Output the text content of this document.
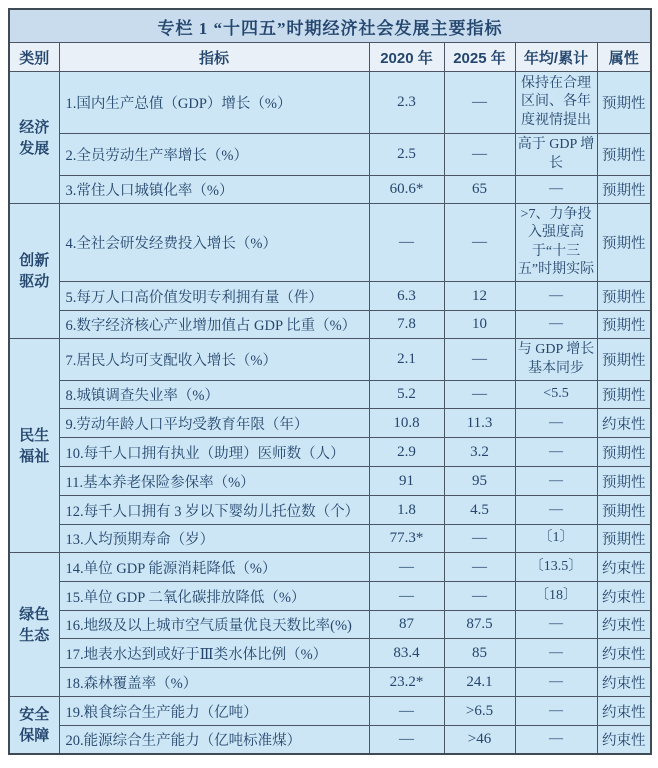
专栏 1 “十四五”时期经济社会发展主要指标					
类别	指标	2020 年	2025 年	年均/累计	属性
经济发展	1.国内生产总值（GDP）增长（%）	2.3	—	保持在合理区间、各年度视情提出	预期性
	2.全员劳动生产率增长（%）	2.5	—	高于 GDP 增长	预期性
	3.常住人口城镇化率（%）	60.6*	65	—	预期性
创新驱动	4.全社会研发经费投入增长（%）	—	—	>7、力争投入强度高于“十三五”时期实际	预期性
	5.每万人口高价值发明专利拥有量（件）	6.3	12	—	预期性
	6.数字经济核心产业增加值占 GDP 比重（%）	7.8	10	—	预期性
民生福祉	7.居民人均可支配收入增长（%）	2.1	—	与 GDP 增长基本同步	预期性
	8.城镇调查失业率（%）	5.2	—	<5.5	预期性
	9.劳动年龄人口平均受教育年限（年）	10.8	11.3	—	约束性
	10.每千人口拥有执业（助理）医师数（人）	2.9	3.2	—	预期性
	11.基本养老保险参保率（%）	91	95	—	预期性
	12.每千人口拥有 3 岁以下婴幼儿托位数（个）	1.8	4.5	—	预期性
	13.人均预期寿命（岁）	77.3*	—	〔1〕	预期性
绿色生态	14.单位 GDP 能源消耗降低（%）	—	—	〔13.5〕	约束性
	15.单位 GDP 二氧化碳排放降低（%）	—	—	〔18〕	约束性
	16.地级及以上城市空气质量优良天数比率(%)	87	87.5	—	约束性
	17.地表水达到或好于Ⅲ类水体比例（%）	83.4	85	—	约束性
	18.森林覆盖率（%）	23.2*	24.1	—	约束性
安全保障	19.粮食综合生产能力（亿吨）	—	>6.5	—	约束性
	20.能源综合生产能力（亿吨标准煤）	—	>46	—	约束性
